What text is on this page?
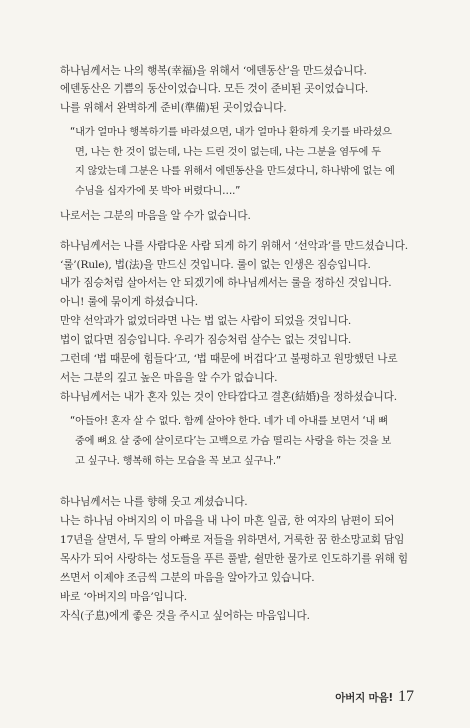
하나님께서는 나의 행복(幸福)을 위해서 ‘에덴동산’을 만드셨습니다.
에덴동산은 기쁨의 동산이었습니다. 모든 것이 준비된 곳이었습니다.
나를 위해서 완벽하게 준비(準備)된 곳이었습니다.
“내가 얼마나 행복하기를 바라셨으면, 내가 얼마나 환하게 웃기를 바라셨으
면, 나는 한 것이 없는데, 나는 드린 것이 없는데, 나는 그분을 염두에 두
지 않았는데 그분은 나를 위해서 에덴동산을 만드셨다니, 하나밖에 없는 예
수님을 십자가에 못 박아 버렸다니….”
나로서는 그분의 마음을 알 수가 없습니다.
하나님께서는 나를 사람다운 사람 되게 하기 위해서 ‘선악과’를 만드셨습니다.
‘룰’(Rule), 법(法)을 만드신 것입니다. 룰이 없는 인생은 짐승입니다.
내가 짐승처럼 살아서는 안 되겠기에 하나님께서는 룰을 정하신 것입니다.
아니! 룰에 묶이게 하셨습니다.
만약 선악과가 없었더라면 나는 법 없는 사람이 되었을 것입니다.
법이 없다면 짐승입니다. 우리가 짐승처럼 살수는 없는 것입니다.
그런데 ‘법 때문에 힘들다’고, ‘법 때문에 버겁다’고 불평하고 원망했던 나로
서는 그분의 깊고 높은 마음을 알 수가 없습니다.
하나님께서는 내가 혼자 있는 것이 안타깝다고 결혼(結婚)을 정하셨습니다.
“아들아! 혼자 살 수 없다. 함께 살아야 한다. 네가 네 아내를 보면서 ‘내 뼈
중에 뼈요 살 중에 살이로다’는 고백으로 가슴 떨리는 사랑을 하는 것을 보
고 싶구나. 행복해 하는 모습을 꼭 보고 싶구나.”
하나님께서는 나를 향해 웃고 계셨습니다.
나는 하나님 아버지의 이 마음을 내 나이 마흔 일곱, 한 여자의 남편이 되어
17년을 살면서, 두 딸의 아빠로 저들을 위하면서, 거룩한 꿈 한소망교회 담임
목사가 되어 사랑하는 성도들을 푸른 풀밭, 쉴만한 물가로 인도하기를 위해 힘
쓰면서 이제야 조금씩 그분의 마음을 알아가고 있습니다.
바로 ‘아버지의 마음’입니다.
자식(子息)에게 좋은 것을 주시고 싶어하는 마음입니다.
아버지 마음! 17
